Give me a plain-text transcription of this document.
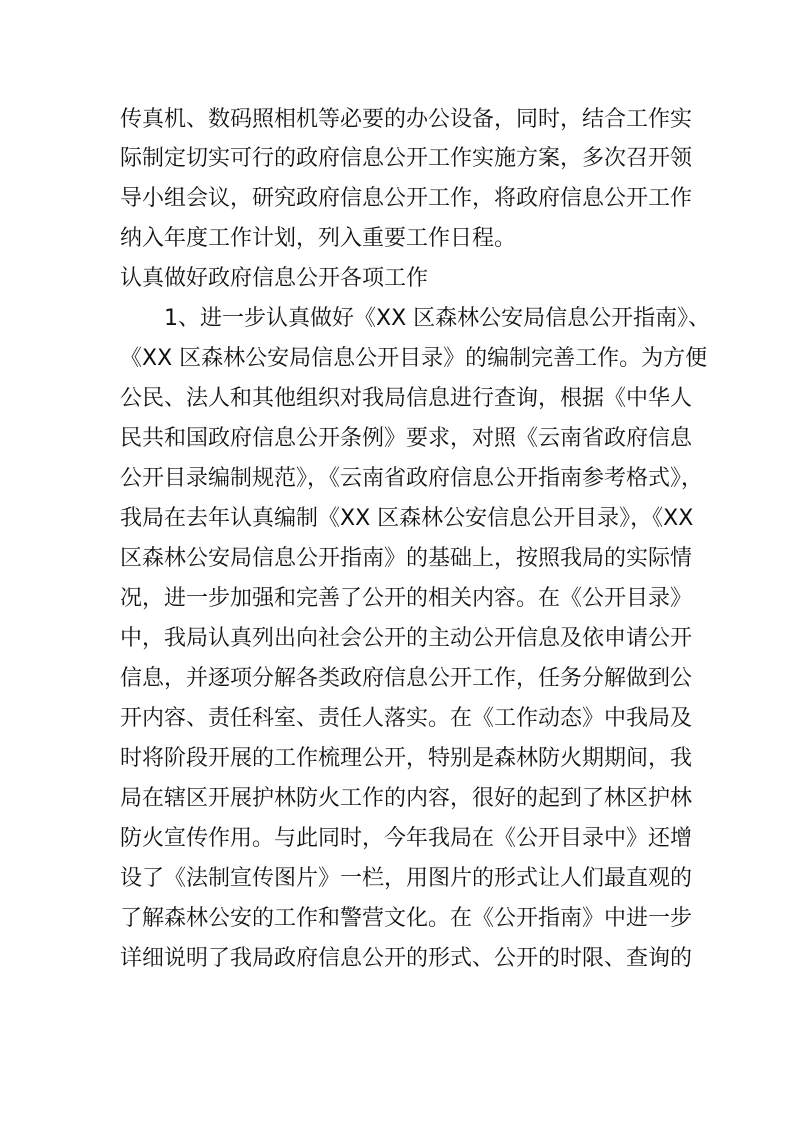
传真机、数码照相机等必要的办公设备，同时，结合工作实
际制定切实可行的政府信息公开工作实施方案，多次召开领
导小组会议，研究政府信息公开工作，将政府信息公开工作
纳入年度工作计划，列入重要工作日程。
认真做好政府信息公开各项工作
1、进一步认真做好《XX 区森林公安局信息公开指南》、
《XX 区森林公安局信息公开目录》的编制完善工作。为方便
公民、法人和其他组织对我局信息进行查询，根据《中华人
民共和国政府信息公开条例》要求，对照《云南省政府信息
公开目录编制规范》，《云南省政府信息公开指南参考格式》，
我局在去年认真编制《XX 区森林公安信息公开目录》，《XX
区森林公安局信息公开指南》的基础上，按照我局的实际情
况，进一步加强和完善了公开的相关内容。在《公开目录》
中，我局认真列出向社会公开的主动公开信息及依申请公开
信息，并逐项分解各类政府信息公开工作，任务分解做到公
开内容、责任科室、责任人落实。在《工作动态》中我局及
时将阶段开展的工作梳理公开，特别是森林防火期期间，我
局在辖区开展护林防火工作的内容，很好的起到了林区护林
防火宣传作用。与此同时，今年我局在《公开目录中》还增
设了《法制宣传图片》一栏，用图片的形式让人们最直观的
了解森林公安的工作和警营文化。在《公开指南》中进一步
详细说明了我局政府信息公开的形式、公开的时限、查询的
